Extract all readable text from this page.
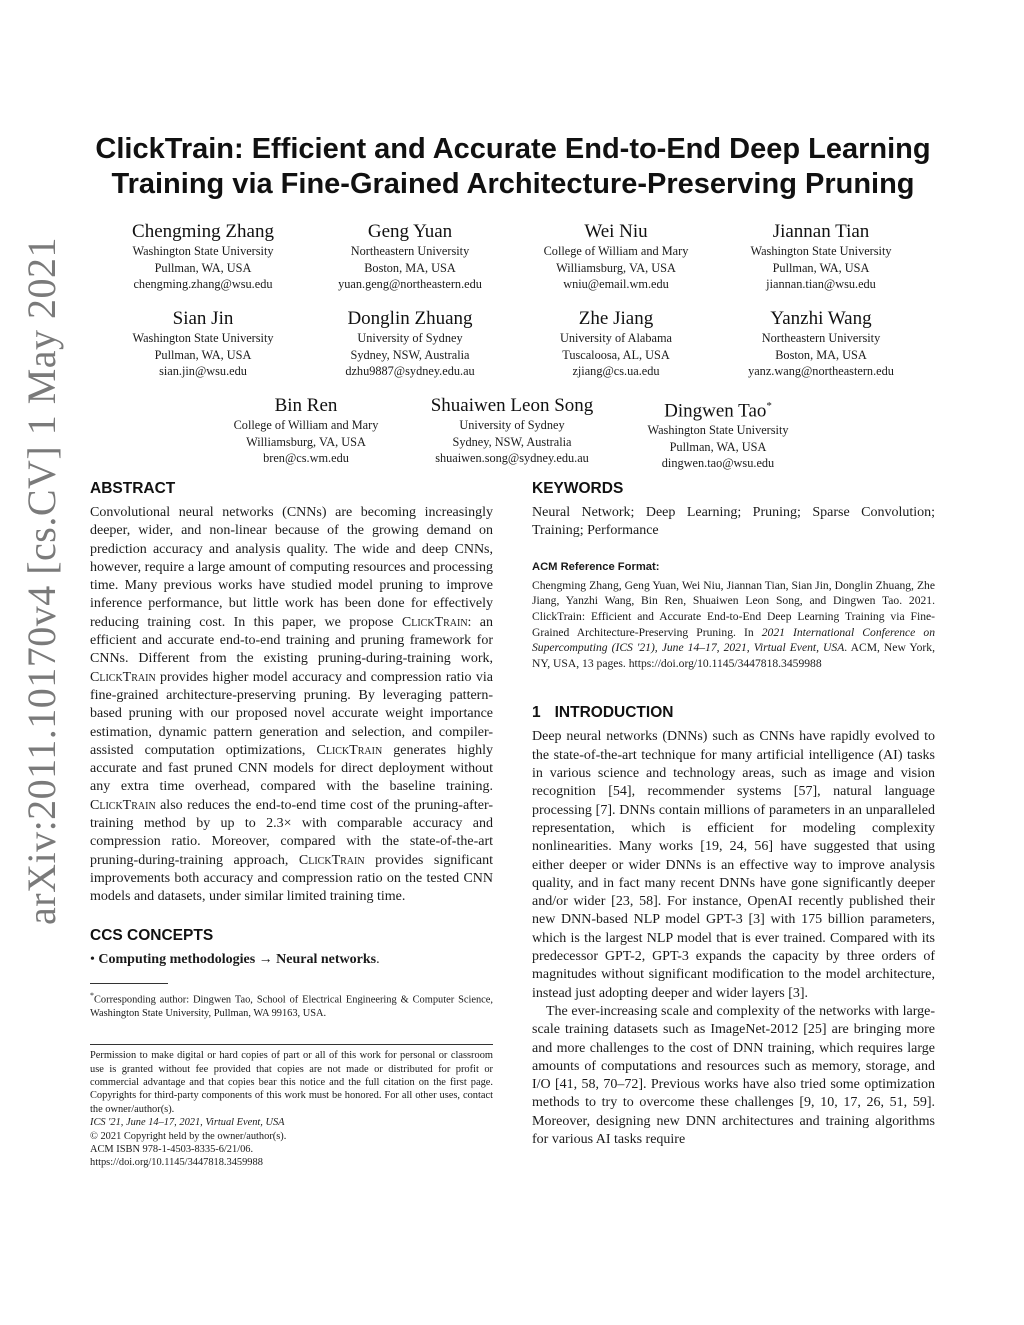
arXiv:2011.10170v4 [cs.CV] 1 May 2021
ClickTrain: Efficient and Accurate End-to-End Deep Learning Training via Fine-Grained Architecture-Preserving Pruning
Chengming Zhang
Washington State University
Pullman, WA, USA
chengming.zhang@wsu.edu
Geng Yuan
Northeastern University
Boston, MA, USA
yuan.geng@northeastern.edu
Wei Niu
College of William and Mary
Williamsburg, VA, USA
wniu@email.wm.edu
Jiannan Tian
Washington State University
Pullman, WA, USA
jiannan.tian@wsu.edu
Sian Jin
Washington State University
Pullman, WA, USA
sian.jin@wsu.edu
Donglin Zhuang
University of Sydney
Sydney, NSW, Australia
dzhu9887@sydney.edu.au
Zhe Jiang
University of Alabama
Tuscaloosa, AL, USA
zjiang@cs.ua.edu
Yanzhi Wang
Northeastern University
Boston, MA, USA
yanz.wang@northeastern.edu
Bin Ren
College of William and Mary
Williamsburg, VA, USA
bren@cs.wm.edu
Shuaiwen Leon Song
University of Sydney
Sydney, NSW, Australia
shuaiwen.song@sydney.edu.au
Dingwen Tao*
Washington State University
Pullman, WA, USA
dingwen.tao@wsu.edu
ABSTRACT

Convolutional neural networks (CNNs) are becoming increasingly deeper, wider, and non-linear because of the growing demand on prediction accuracy and analysis quality. The wide and deep CNNs, however, require a large amount of computing resources and processing time. Many previous works have studied model pruning to improve inference performance, but little work has been done for effectively reducing training cost. In this paper, we propose ClickTrain: an efficient and accurate end-to-end training and pruning framework for CNNs. Different from the existing pruning-during-training work, ClickTrain provides higher model accuracy and compression ratio via fine-grained architecture-preserving pruning. By leveraging pattern-based pruning with our proposed novel accurate weight importance estimation, dynamic pattern generation and selection, and compiler-assisted computation optimizations, ClickTrain generates highly accurate and fast pruned CNN models for direct deployment without any extra time overhead, compared with the baseline training. ClickTrain also reduces the end-to-end time cost of the pruning-after-training method by up to 2.3× with comparable accuracy and compression ratio. Moreover, compared with the state-of-the-art pruning-during-training approach, ClickTrain provides significant improvements both accuracy and compression ratio on the tested CNN models and datasets, under similar limited training time.

CCS CONCEPTS

• Computing methodologies → Neural networks.

*Corresponding author: Dingwen Tao, School of Electrical Engineering & Computer Science, Washington State University, Pullman, WA 99163, USA.

Permission to make digital or hard copies of part or all of this work for personal or classroom use is granted without fee provided that copies are not made or distributed for profit or commercial advantage and that copies bear this notice and the full citation on the first page. Copyrights for third-party components of this work must be honored. For all other uses, contact the owner/author(s).

ICS '21, June 14–17, 2021, Virtual Event, USA

© 2021 Copyright held by the owner/author(s).

ACM ISBN 978-1-4503-8335-6/21/06.

https://doi.org/10.1145/3447818.3459988

KEYWORDS

Neural Network; Deep Learning; Pruning; Sparse Convolution; Training; Performance

ACM Reference Format:

Chengming Zhang, Geng Yuan, Wei Niu, Jiannan Tian, Sian Jin, Donglin Zhuang, Zhe Jiang, Yanzhi Wang, Bin Ren, Shuaiwen Leon Song, and Dingwen Tao. 2021. ClickTrain: Efficient and Accurate End-to-End Deep Learning Training via Fine-Grained Architecture-Preserving Pruning. In 2021 International Conference on Supercomputing (ICS '21), June 14–17, 2021, Virtual Event, USA. ACM, New York, NY, USA, 13 pages. https://doi.org/10.1145/3447818.3459988

1 INTRODUCTION

Deep neural networks (DNNs) such as CNNs have rapidly evolved to the state-of-the-art technique for many artificial intelligence (AI) tasks in various science and technology areas, such as image and vision recognition [54], recommender systems [57], natural language processing [7]. DNNs contain millions of parameters in an unparalleled representation, which is efficient for modeling complexity nonlinearities. Many works [19, 24, 56] have suggested that using either deeper or wider DNNs is an effective way to improve analysis quality, and in fact many recent DNNs have gone significantly deeper and/or wider [23, 58]. For instance, OpenAI recently published their new DNN-based NLP model GPT-3 [3] with 175 billion parameters, which is the largest NLP model that is ever trained. Compared with its predecessor GPT-2, GPT-3 expands the capacity by three orders of magnitudes without significant modification to the model architecture, instead just adopting deeper and wider layers [3].

The ever-increasing scale and complexity of the networks with large-scale training datasets such as ImageNet-2012 [25] are bringing more and more challenges to the cost of DNN training, which requires large amounts of computations and resources such as memory, storage, and I/O [41, 58, 70–72]. Previous works have also tried some optimization methods to try to overcome these challenges [9, 10, 17, 26, 51, 59]. Moreover, designing new DNN architectures and training algorithms for various AI tasks require
